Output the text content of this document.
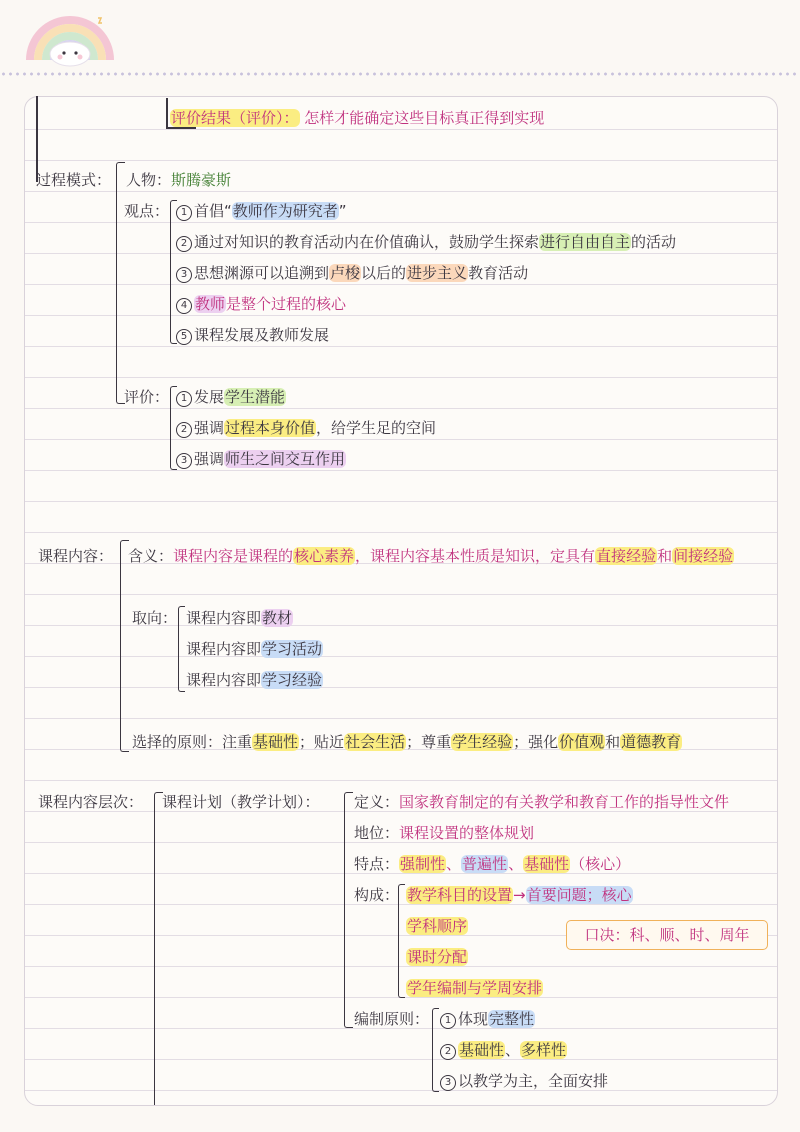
评价结果（评价）： 怎样才能确定这些目标真正得到实现
过程模式： 人物：斯腾豪斯
观点：	1 首倡“教师作为研究者”
2 通过对知识的教育活动内在价值确认，鼓励学生探索进行自由自主的活动
3 思想渊源可以追溯到卢梭以后的进步主义教育活动
4 教师是整个过程的核心
5 课程发展及教师发展
评价：	1 发展学生潜能
2 强调过程本身价值，给学生足的空间
3 强调师生之间交互作用
课程内容： 含义：课程内容是课程的核心素养，课程内容基本性质是知识，定具有直接经验和间接经验
取向： 课程内容即教材
课程内容即学习活动
课程内容即学习经验
选择的原则：注重基础性；贴近社会生活；尊重学生经验；强化价值观和道德教育
课程内容层次： 课程计划（教学计划）： 定义：国家教育制定的有关教学和教育工作的指导性文件
地位：课程设置的整体规划
特点：强制性、普遍性、基础性（核心）
构成： 教学科目的设置→首要问题；核心
学科顺序
课时分配
学年编制与学周安排
口决：科、顺、时、周年
编制原则：	1 体现完整性
2 基础性、多样性
3 以教学为主，全面安排
